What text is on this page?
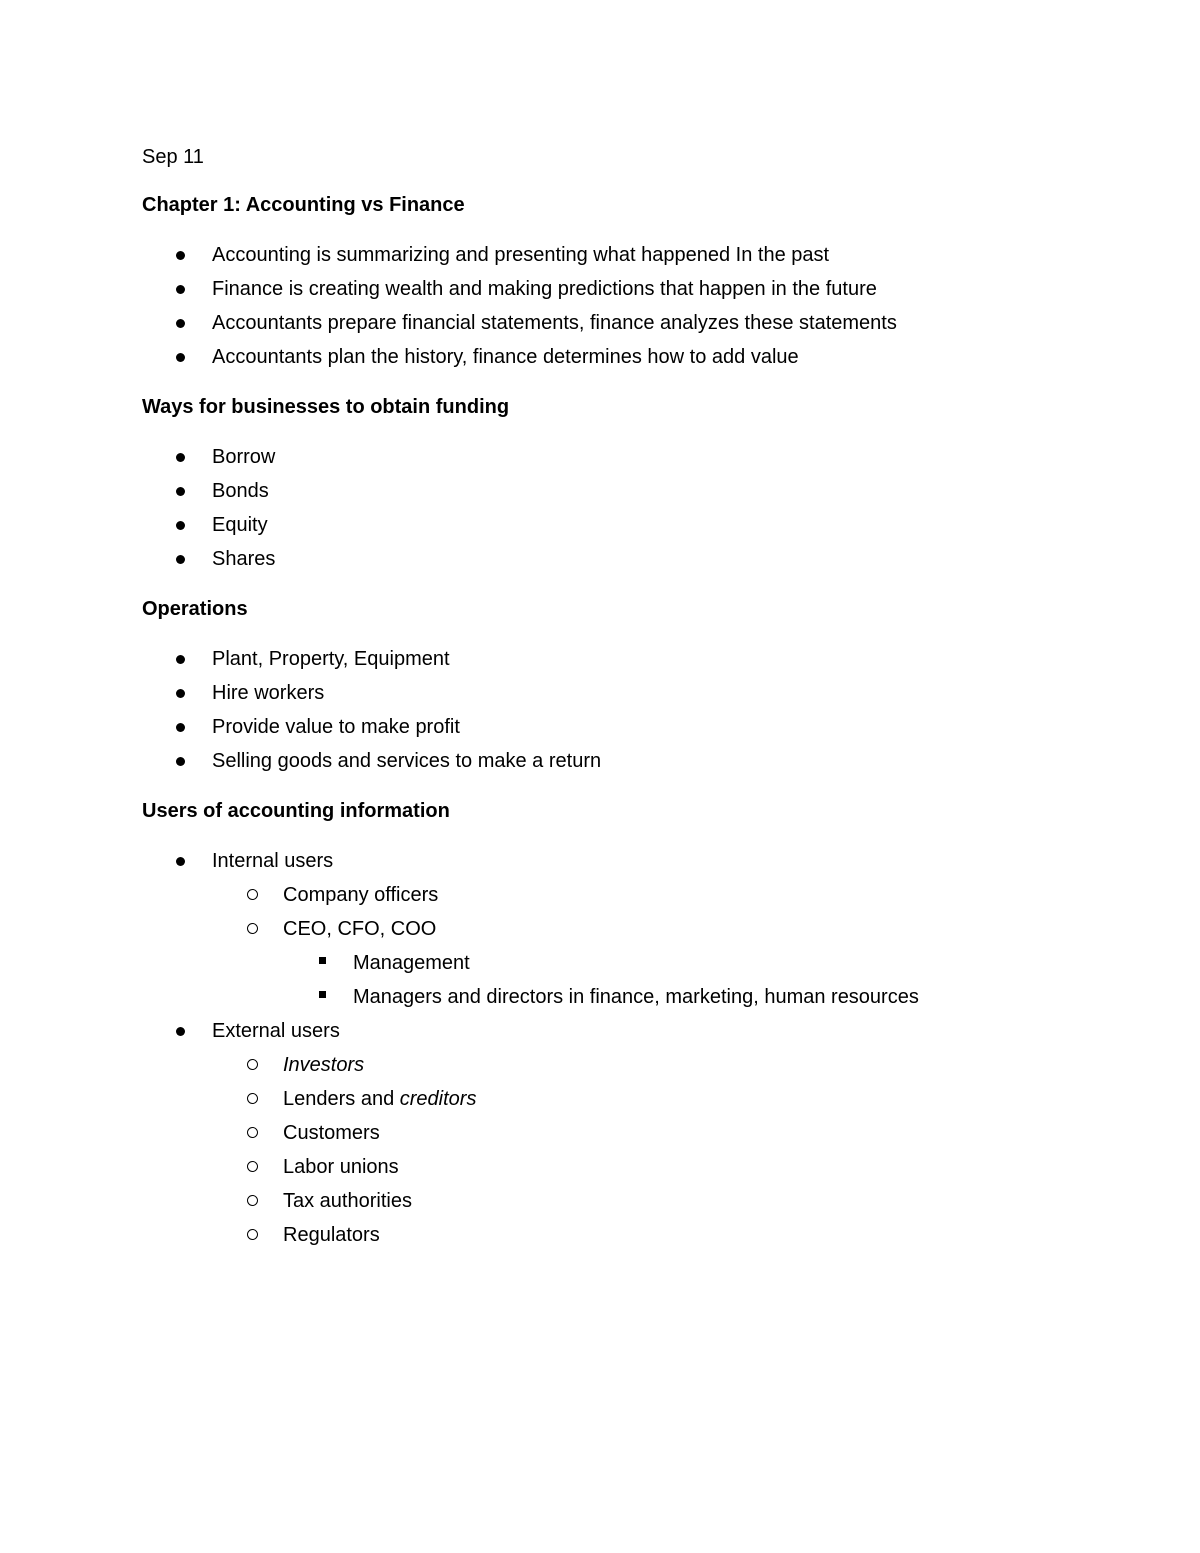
Sep 11
Chapter 1: Accounting vs Finance
Accounting is summarizing and presenting what happened In the past
Finance is creating wealth and making predictions that happen in the future
Accountants prepare financial statements, finance analyzes these statements
Accountants plan the history, finance determines how to add value
Ways for businesses to obtain funding
Borrow
Bonds
Equity
Shares
Operations
Plant, Property, Equipment
Hire workers
Provide value to make profit
Selling goods and services to make a return
Users of accounting information
Internal users
Company officers
CEO, CFO, COO
Management
Managers and directors in finance, marketing, human resources
External users
Investors
Lenders and creditors
Customers
Labor unions
Tax authorities
Regulators
